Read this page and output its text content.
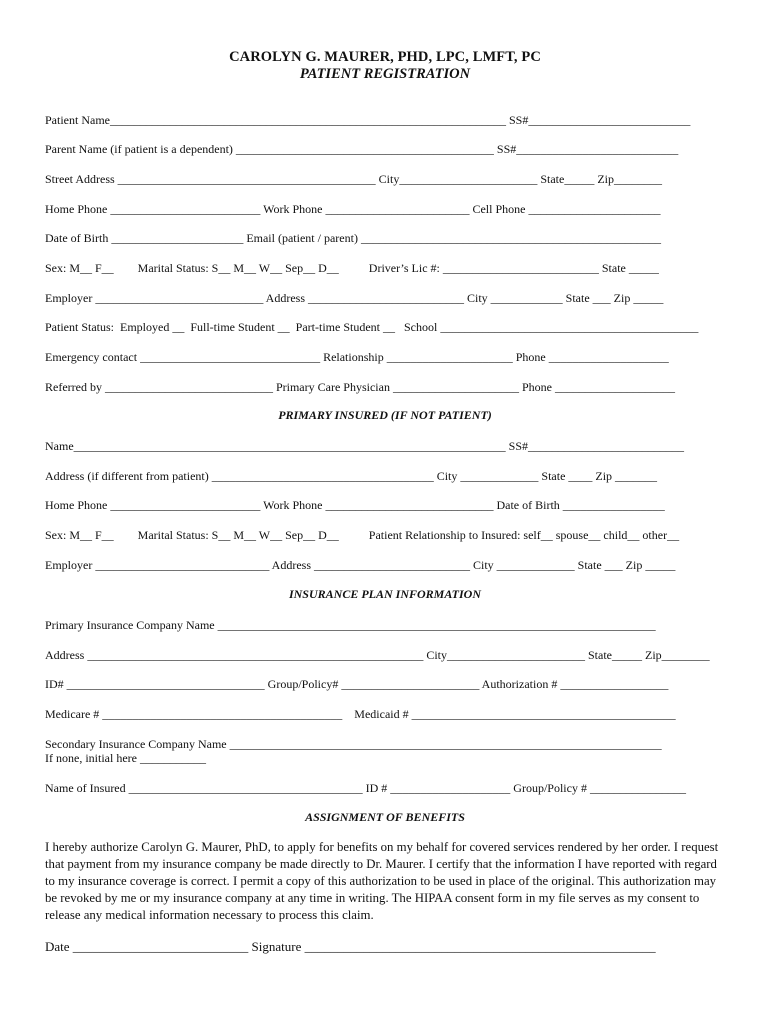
CAROLYN G. MAURER, PHD, LPC, LMFT, PC
PATIENT REGISTRATION
Patient Name__________________________________________________________________ SS#___________________________
Parent Name (if patient is a dependent) ___________________________________________ SS#___________________________
Street Address ___________________________________________ City_______________________ State_____ Zip________
Home Phone _________________________ Work Phone ________________________ Cell Phone ______________________
Date of Birth ______________________ Email (patient / parent) __________________________________________________
Sex: M__ F__        Marital Status: S__ M__ W__ Sep__ D__          Driver’s Lic #: __________________________ State _____
Employer ____________________________ Address __________________________ City ____________ State ___ Zip _____
Patient Status:  Employed __  Full-time Student __  Part-time Student __   School ___________________________________________
Emergency contact ______________________________ Relationship _____________________ Phone ____________________
Referred by ____________________________ Primary Care Physician _____________________ Phone ____________________
PRIMARY INSURED (IF NOT PATIENT)
Name________________________________________________________________________ SS#__________________________
Address (if different from patient) _____________________________________ City _____________ State ____ Zip _______
Home Phone _________________________ Work Phone ____________________________ Date of Birth _________________
Sex: M__ F__        Marital Status: S__ M__ W__ Sep__ D__          Patient Relationship to Insured: self__ spouse__ child__ other__
Employer _____________________________ Address __________________________ City _____________ State ___ Zip _____
INSURANCE PLAN INFORMATION
Primary Insurance Company Name _________________________________________________________________________
Address ________________________________________________________ City_______________________ State_____ Zip________
ID# _________________________________ Group/Policy# _______________________ Authorization # __________________
Medicare # ________________________________________    Medicaid # ____________________________________________
Secondary Insurance Company Name ________________________________________________________________________
If none, initial here ___________
Name of Insured _______________________________________ ID # ____________________ Group/Policy # ________________
ASSIGNMENT OF BENEFITS
I hereby authorize Carolyn G. Maurer, PhD, to apply for benefits on my behalf for covered services rendered by her order. I request that payment from my insurance company be made directly to Dr. Maurer. I certify that the information I have reported with regard to my insurance coverage is correct. I permit a copy of this authorization to be used in place of the original. This authorization may be revoked by me or my insurance company at any time in writing. The HIPAA consent form in my file serves as my consent to release any medical information necessary to process this claim.
Date ___________________________ Signature ______________________________________________________
